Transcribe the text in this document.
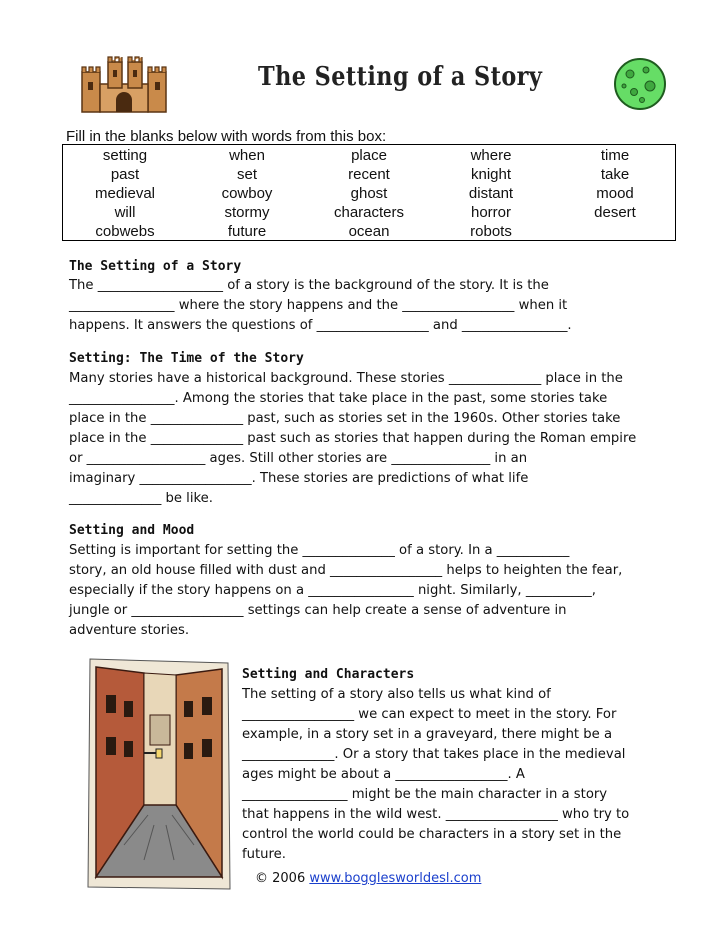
The Setting of a Story
Fill in the blanks below with words from this box:
setting	when	place	where	time
past	set	recent	knight	take
medieval	cowboy	ghost	distant	mood
will	stormy	characters	horror	desert
cobwebs	future	ocean	robots
The Setting of a Story
The ___________________ of a story is the background of the story. It is the
________________ where the story happens and the _________________ when it
happens. It answers the questions of _________________ and ________________.
Setting: The Time of the Story
Many stories have a historical background. These stories ______________ place in the
________________. Among the stories that take place in the past, some stories take
place in the ______________ past, such as stories set in the 1960s. Other stories take
place in the ______________ past such as stories that happen during the Roman empire
or __________________ ages. Still other stories are _______________ in an
imaginary _________________. These stories are predictions of what life
______________ be like.
Setting and Mood
Setting is important for setting the ______________ of a story. In a ___________
story, an old house filled with dust and _________________ helps to heighten the fear,
especially if the story happens on a ________________ night. Similarly, __________,
jungle or _________________ settings can help create a sense of adventure in
adventure stories.
Setting and Characters
The setting of a story also tells us what kind of
_________________ we can expect to meet in the story. For
example, in a story set in a graveyard, there might be a
______________. Or a story that takes place in the medieval
ages might be about a _________________. A
________________ might be the main character in a story
that happens in the wild west. _________________ who try to
control the world could be characters in a story set in the
future.
© 2006 www.bogglesworldesl.com
